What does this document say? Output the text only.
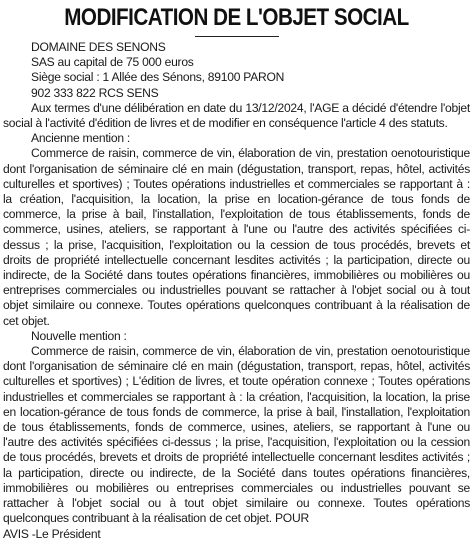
MODIFICATION DE L'OBJET SOCIAL
DOMAINE DES SENONS
SAS au capital de 75 000 euros
Siège social : 1 Allée des Sénons, 89100 PARON
902 333 822 RCS SENS

Aux termes d'une délibération en date du 13/12/2024, l'AGE a décidé d'étendre l'objet social à l'activité d'édition de livres et de modifier en conséquence l'article 4 des statuts.

Ancienne mention :

Commerce de raisin, commerce de vin, élaboration de vin, prestation oenotouristique dont l'organisation de séminaire clé en main (dégustation, transport, repas, hôtel, activités culturelles et sportives) ; Toutes opérations industrielles et commerciales se rapportant à : la création, l'acquisition, la location, la prise en location-gérance de tous fonds de commerce, la prise à bail, l'installation, l'exploitation de tous établissements, fonds de commerce, usines, ateliers, se rapportant à l'une ou l'autre des activités spécifiées ci-dessus ; la prise, l'acquisition, l'exploitation ou la cession de tous procédés, brevets et droits de propriété intellectuelle concernant lesdites activités ; la participation, directe ou indirecte, de la Société dans toutes opérations financières, immobilières ou mobilières ou entreprises commerciales ou industrielles pouvant se rattacher à l'objet social ou à tout objet similaire ou connexe. Toutes opérations quelconques contribuant à la réalisation de cet objet.

Nouvelle mention :

Commerce de raisin, commerce de vin, élaboration de vin, prestation oenotouristique dont l'organisation de séminaire clé en main (dégustation, transport, repas, hôtel, activités culturelles et sportives) ; L'édition de livres, et toute opération connexe ; Toutes opérations industrielles et commerciales se rapportant à : la création, l'acquisition, la location, la prise en location-gérance de tous fonds de commerce, la prise à bail, l'installation, l'exploitation de tous établissements, fonds de commerce, usines, ateliers, se rapportant à l'une ou l'autre des activités spécifiées ci-dessus ; la prise, l'acquisition, l'exploitation ou la cession de tous procédés, brevets et droits de propriété intellectuelle concernant lesdites activités ; la participation, directe ou indirecte, de la Société dans toutes opérations financières, immobilières ou mobilières ou entreprises commerciales ou industrielles pouvant se rattacher à l'objet social ou à tout objet similaire ou connexe. Toutes opérations quelconques contribuant à la réalisation de cet objet. POUR

AVIS -Le Président
